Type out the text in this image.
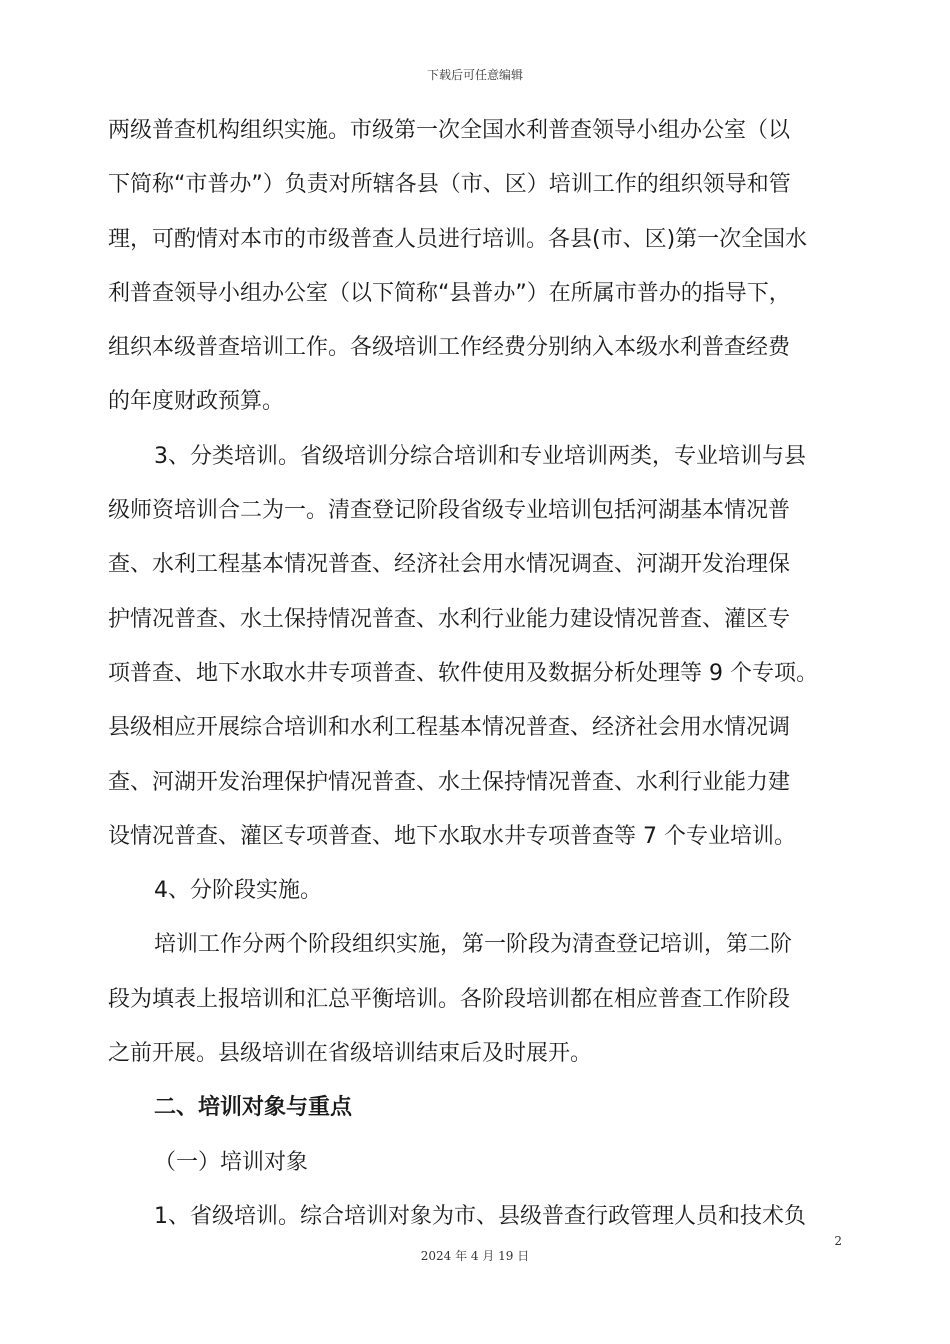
下载后可任意编辑

两级普查机构组织实施。市级第一次全国水利普查领导小组办公室（以
下简称“市普办”）负责对所辖各县（市、区）培训工作的组织领导和管
理，可酌情对本市的市级普查人员进行培训。各县(市、区)第一次全国水
利普查领导小组办公室（以下简称“县普办”）在所属市普办的指导下，
组织本级普查培训工作。各级培训工作经费分别纳入本级水利普查经费
的年度财政预算。

3、分类培训。省级培训分综合培训和专业培训两类，专业培训与县
级师资培训合二为一。清查登记阶段省级专业培训包括河湖基本情况普
查、水利工程基本情况普查、经济社会用水情况调查、河湖开发治理保
护情况普查、水土保持情况普查、水利行业能力建设情况普查、灌区专
项普查、地下水取水井专项普查、软件使用及数据分析处理等 9 个专项。
县级相应开展综合培训和水利工程基本情况普查、经济社会用水情况调
查、河湖开发治理保护情况普查、水土保持情况普查、水利行业能力建
设情况普查、灌区专项普查、地下水取水井专项普查等 7 个专业培训。

4、分阶段实施。

培训工作分两个阶段组织实施，第一阶段为清查登记培训，第二阶
段为填表上报培训和汇总平衡培训。各阶段培训都在相应普查工作阶段
之前开展。县级培训在省级培训结束后及时展开。

二、培训对象与重点

（一）培训对象

1、省级培训。综合培训对象为市、县级普查行政管理人员和技术负

2
2024 年 4 月 19 日
